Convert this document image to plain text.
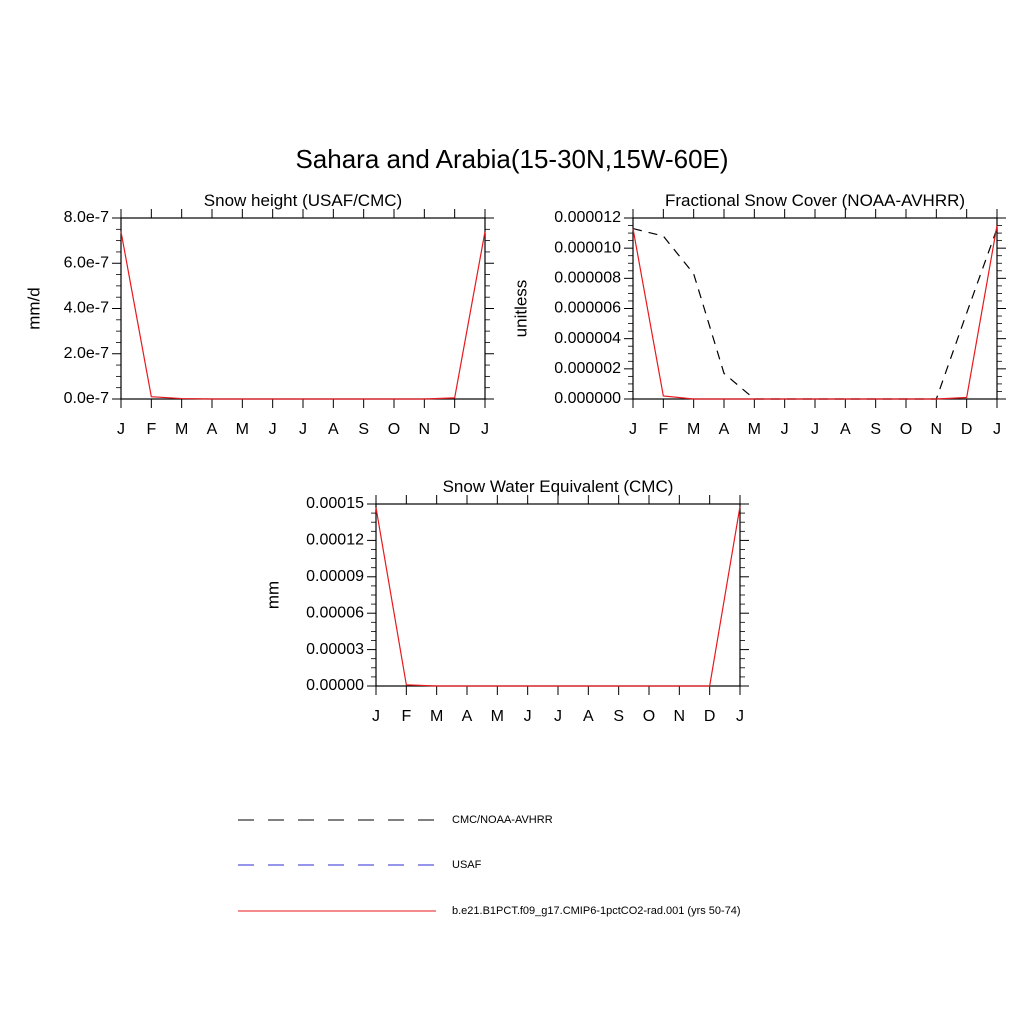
Sahara and Arabia(15-30N,15W-60E)
Snow height (USAF/CMC)
mm/d
J F M A M J J A S O N D J
0.0e-7
2.0e-7
4.0e-7
6.0e-7
8.0e-7
Fractional Snow Cover (NOAA-AVHRR)
unitless
J F M A M J J A S O N D J
0.000000
0.000002
0.000004
0.000006
0.000008
0.000010
0.000012
Snow Water Equivalent (CMC)
mm
J F M A M J J A S O N D J
0.00000
0.00003
0.00006
0.00009
0.00012
0.00015
CMC/NOAA-AVHRR
USAF
b.e21.B1PCT.f09_g17.CMIP6-1pctCO2-rad.001 (yrs 50-74)
